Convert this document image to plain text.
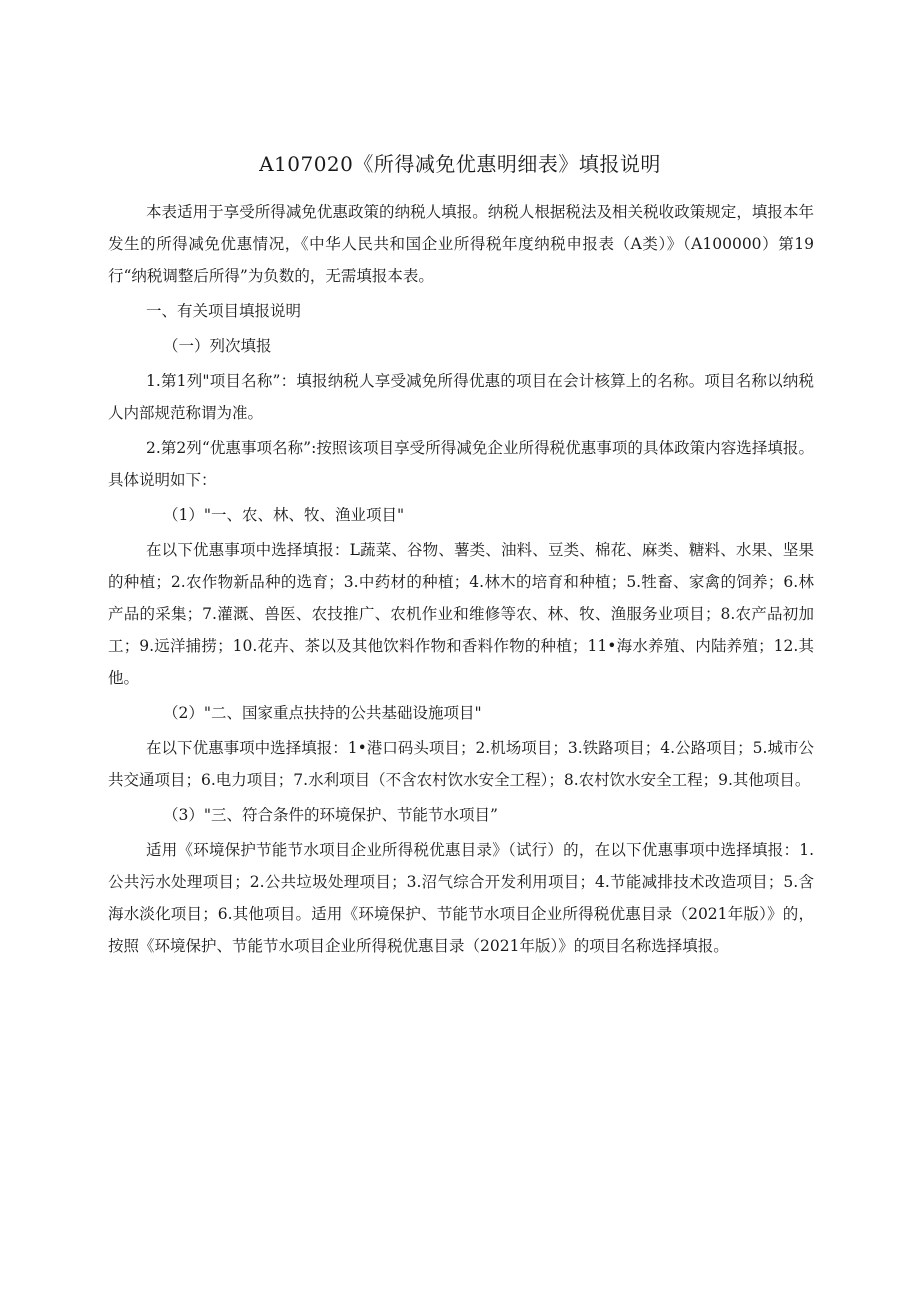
A107020《所得减免优惠明细表》填报说明

本表适用于享受所得减免优惠政策的纳税人填报。纳税人根据税法及相关税收政策规定，填报本年发生的所得减免优惠情况，《中华人民共和国企业所得税年度纳税申报表（A类）》（A100000）第19行“纳税调整后所得”为负数的，无需填报本表。

一、有关项目填报说明

（一）列次填报

1.第1列"项目名称”：填报纳税人享受减免所得优惠的项目在会计核算上的名称。项目名称以纳税人内部规范称谓为准。

2.第2列“优惠事项名称”:按照该项目享受所得减免企业所得税优惠事项的具体政策内容选择填报。具体说明如下：

（1）"一、农、林、牧、渔业项目"

在以下优惠事项中选择填报：L蔬菜、谷物、薯类、油料、豆类、棉花、麻类、糖料、水果、坚果的种植；2.农作物新品种的选育；3.中药材的种植；4.林木的培育和种植；5.牲畜、家禽的饲养；6.林产品的采集；7.灌溉、兽医、农技推广、农机作业和维修等农、林、牧、渔服务业项目；8.农产品初加工；9.远洋捕捞；10.花卉、茶以及其他饮料作物和香料作物的种植；11•海水养殖、内陆养殖；12.其他。

（2）"二、国家重点扶持的公共基础设施项目"

在以下优惠事项中选择填报：1•港口码头项目；2.机场项目；3.铁路项目；4.公路项目；5.城市公共交通项目；6.电力项目；7.水利项目（不含农村饮水安全工程）；8.农村饮水安全工程；9.其他项目。

（3）"三、符合条件的环境保护、节能节水项目”

适用《环境保护节能节水项目企业所得税优惠目录》（试行）的，在以下优惠事项中选择填报：1.公共污水处理项目；2.公共垃圾处理项目；3.沼气综合开发利用项目；4.节能减排技术改造项目；5.含海水淡化项目；6.其他项目。适用《环境保护、节能节水项目企业所得税优惠目录（2021年版）》的，按照《环境保护、节能节水项目企业所得税优惠目录（2021年版）》的项目名称选择填报。
